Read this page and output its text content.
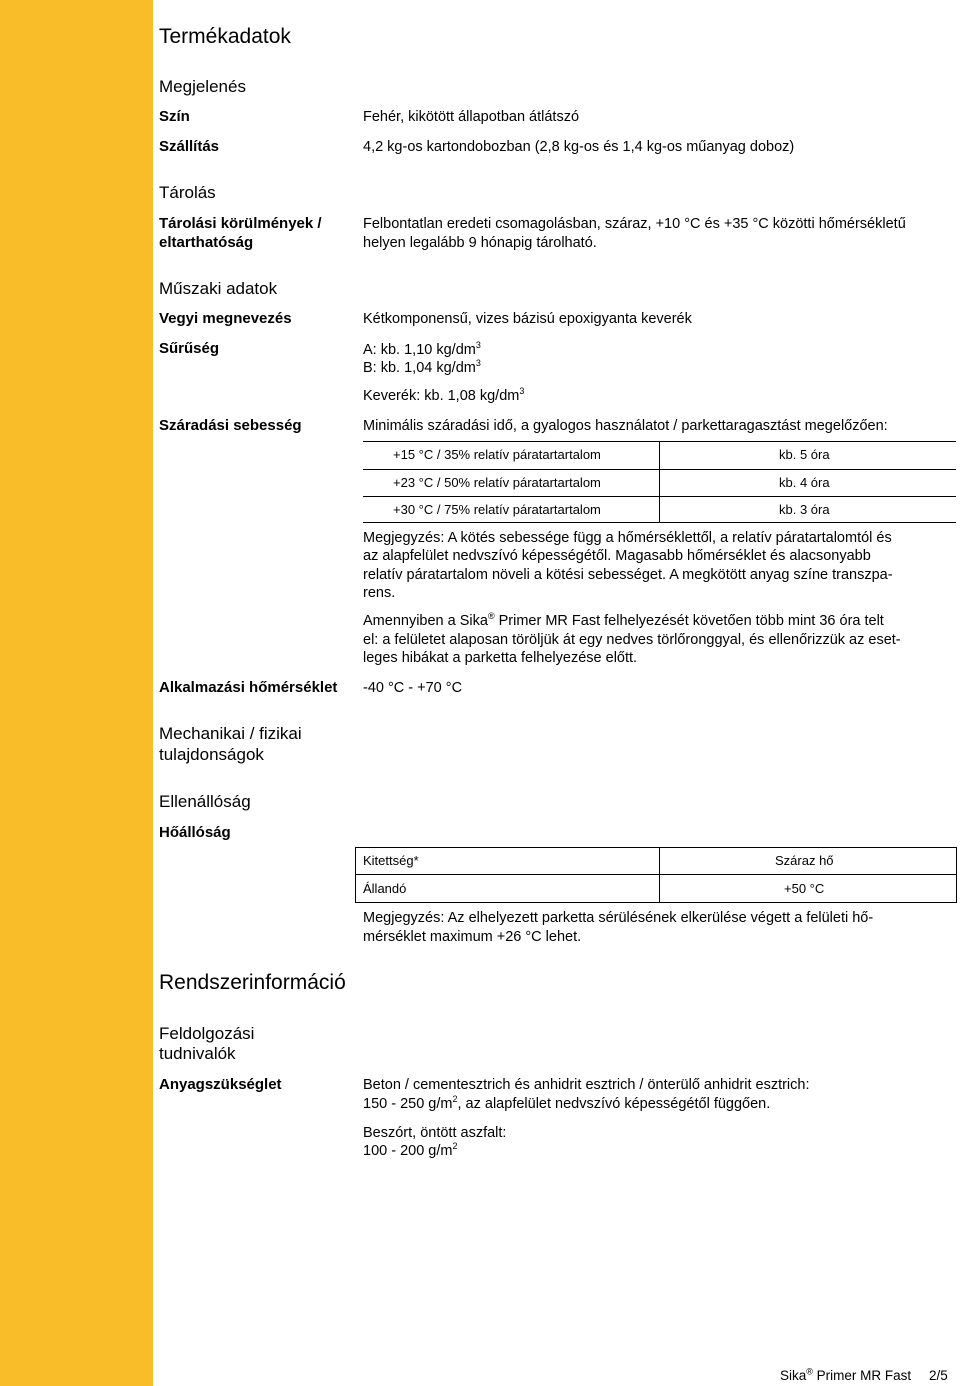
Termékadatok
Megjelenés
Szín	Fehér, kikötött állapotban átlátszó
Szállítás	4,2 kg-os kartondobozban (2,8 kg-os és 1,4 kg-os műanyag doboz)
Tárolás
Tárolási körülmények /
eltarthatóság
Felbontatlan eredeti csomagolásban, száraz, +10 °C és +35 °C közötti hőmérsékletű
helyen legalább 9 hónapig tárolható.
Műszaki adatok
Vegyi megnevezés	Kétkomponensű, vizes bázisú epoxigyanta keverék
Sűrűség	A: kb. 1,10 $kg/dm^3$
B: kb. 1,04 $kg/dm^3$
Keverék: kb. 1,08 $kg/dm^3$
Száradási sebesség	Minimális száradási idő, a gyalogos használatot / parkettaragasztást megelőzően:
+15 °C / 35% relatív páratartartalom	kb. 5 óra
+23 °C / 50% relatív páratartartalom	kb. 4 óra
+30 °C / 75% relatív páratartartalom	kb. 3 óra
Megjegyzés: A kötés sebessége függ a hőmérséklettől, a relatív páratartalomtól és
az alapfelület nedvszívó képességétől. Magasabb hőmérséklet és alacsonyabb
relatív páratartalom növeli a kötési sebességet. A megkötött anyag színe transzpa-
rens.
Amennyiben a Sika® Primer MR Fast felhelyezését követően több mint 36 óra telt
el: a felületet alaposan töröljük át egy nedves törlőronggyal, és ellenőrizzük az eset-
leges hibákat a parketta felhelyezése előtt.
Alkalmazási hőmérséklet -40 °C - +70 °C
Mechanikai / fizikai
tulajdonságok
Ellenállóság
Hőállóság
Kitettség*	Száraz hő
Állandó	+50 °C
Megjegyzés: Az elhelyezett parketta sérülésének elkerülése végett a felületi hő-
mérséklet maximum +26 °C lehet.
Rendszerinformáció
Feldolgozási
tudnivalók
Anyagszükséglet	Beton / cementesztrich és anhidrit esztrich / önterülő anhidrit esztrich:
150 - 250 $g/m^2$, az alapfelület nedvszívó képességétől függően.
Beszórt, öntött aszfalt:
100 - 200 $g/m^2$
Sika® Primer MR Fast 2/5
